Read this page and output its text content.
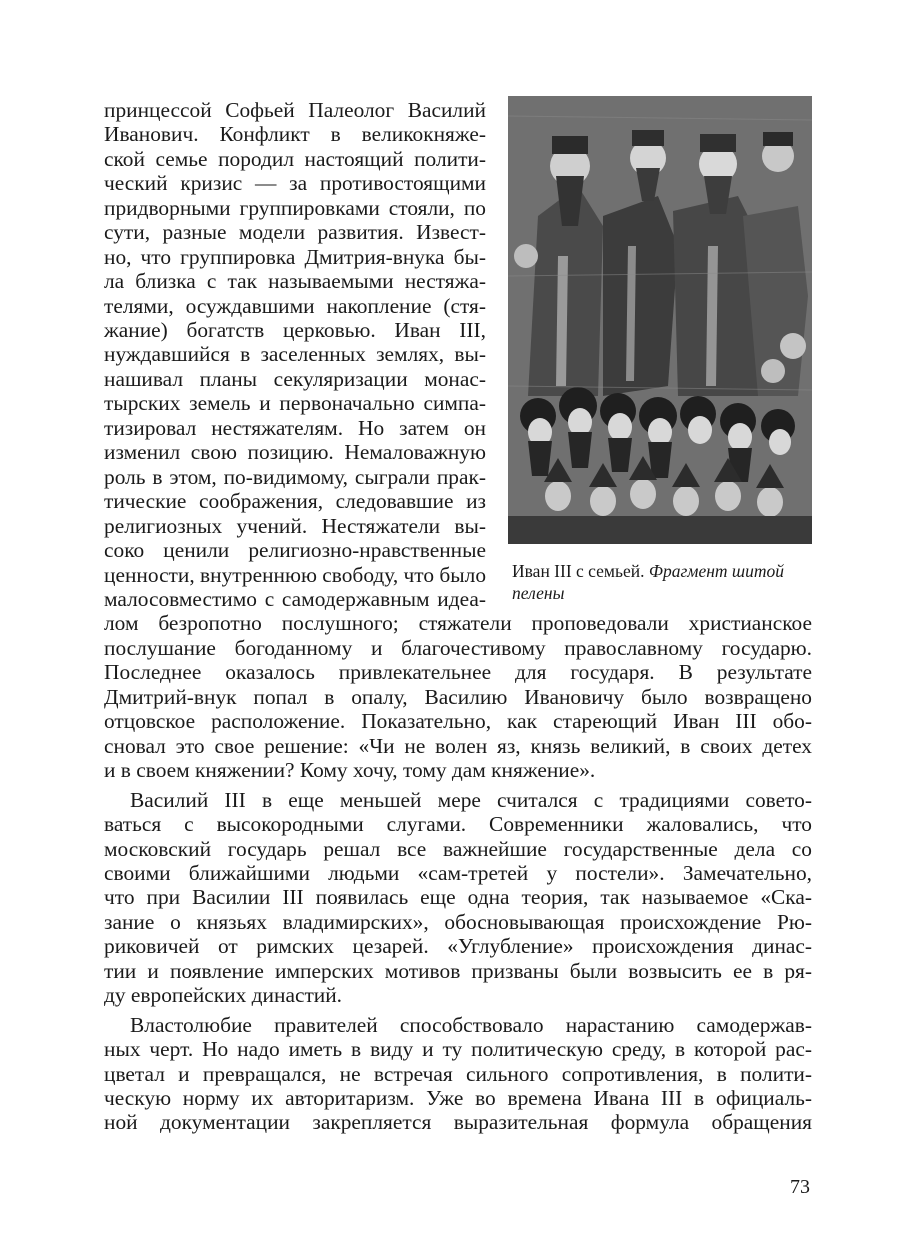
принцессой Софьей Палеолог Василий
Иванович. Конфликт в великокняже-
ской семье породил настоящий полити-
ческий кризис — за противостоящими
придворными группировками стояли, по
сути, разные модели развития. Извест-
но, что группировка Дмитрия-внука бы-
ла близка с так называемыми нестяжа-
телями, осуждавшими накопление (стя-
жание) богатств церковью. Иван III,
нуждавшийся в заселенных землях, вы-
нашивал планы секуляризации монас-
тырских земель и первоначально симпа-
тизировал нестяжателям. Но затем он
изменил свою позицию. Немаловажную
роль в этом, по-видимому, сыграли прак-
тические соображения, следовавшие из
религиозных учений. Нестяжатели вы-
соко ценили религиозно-нравственные
ценности, внутреннюю свободу, что было
малосовместимо с самодержавным идеа-
лом безропотно послушного; стяжатели проповедовали христианское
послушание богоданному и благочестивому православному государю.
Последнее оказалось привлекательнее для государя. В результате
Дмитрий-внук попал в опалу, Василию Ивановичу было возвращено
отцовское расположение. Показательно, как стареющий Иван III обо-
сновал это свое решение: «Чи не волен яз, князь великий, в своих детех
и в своем княжении? Кому хочу, тому дам княжение».
Василий III в еще меньшей мере считался с традициями совето-
ваться с высокородными слугами. Современники жаловались, что
московский государь решал все важнейшие государственные дела со
своими ближайшими людьми «сам-третей у постели». Замечательно,
что при Василии III появилась еще одна теория, так называемое «Ска-
зание о князьях владимирских», обосновывающая происхождение Рю-
риковичей от римских цезарей. «Углубление» происхождения динас-
тии и появление имперских мотивов призваны были возвысить ее в ря-
ду европейских династий.
Властолюбие правителей способствовало нарастанию самодержав-
ных черт. Но надо иметь в виду и ту политическую среду, в которой рас-
цветал и превращался, не встречая сильного сопротивления, в полити-
ческую норму их авторитаризм. Уже во времена Ивана III в официаль-
ной документации закрепляется выразительная формула обращения
Иван III с семьей. Фрагмент шитой пелены
73
